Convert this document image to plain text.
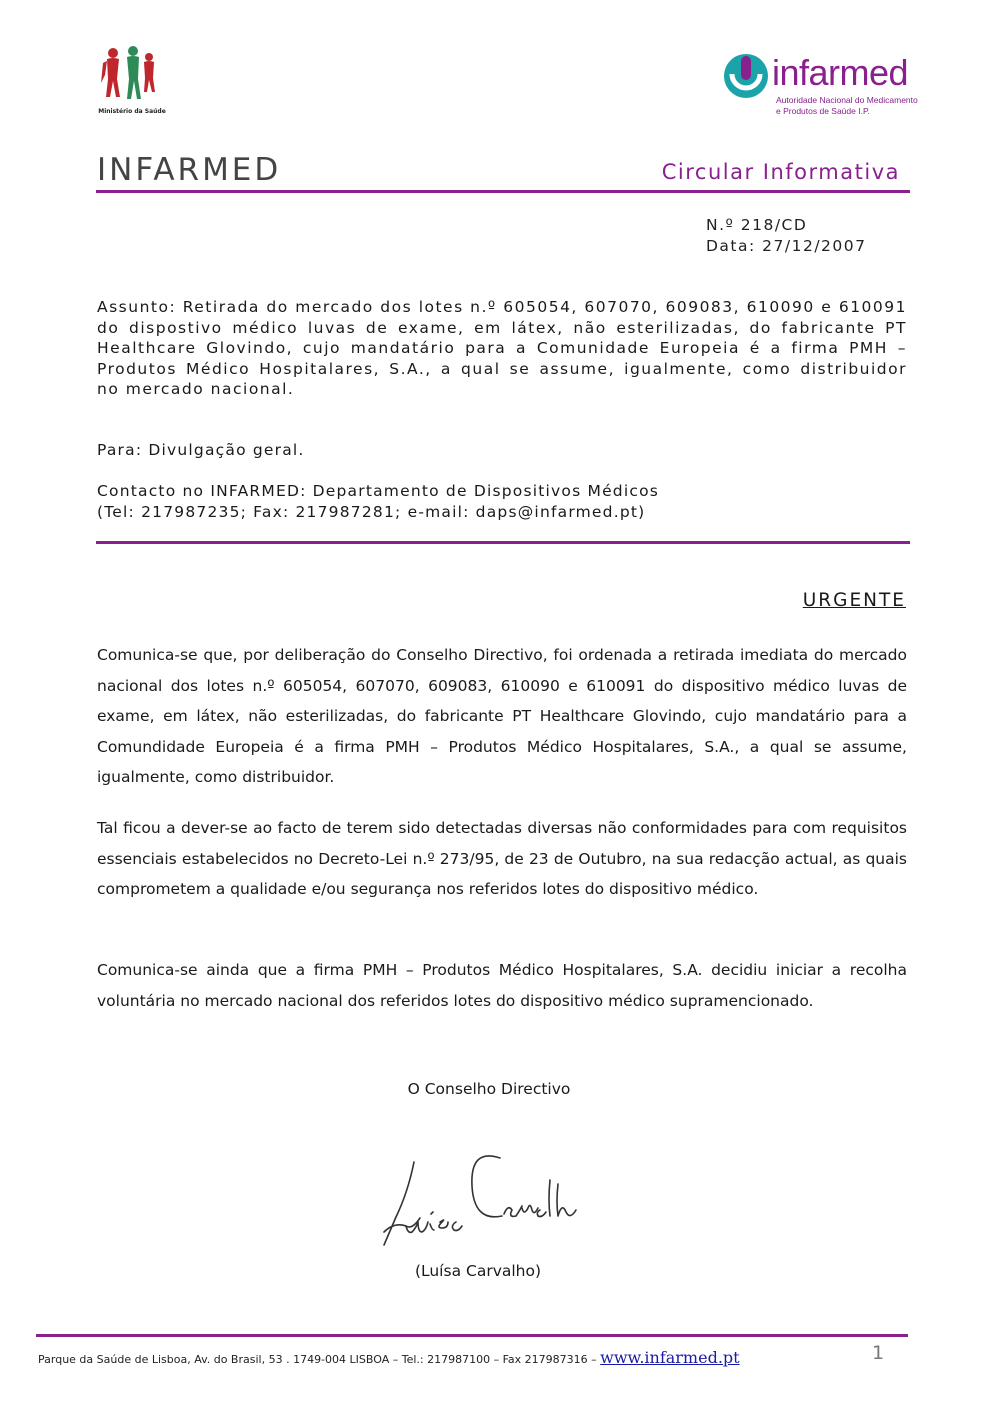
Ministério da Saúde
infarmed
Autoridade Nacional do Medicamento
e Produtos de Saúde I.P.
INFARMED	Circular Informativa
N.º 218/CD
Data: 27/12/2007
Assunto: Retirada do mercado dos lotes n.º 605054, 607070, 609083, 610090 e 610091 do dispostivo médico luvas de exame, em látex, não esterilizadas, do fabricante PT Healthcare Glovindo, cujo mandatário para a Comunidade Europeia é a firma PMH – Produtos Médico Hospitalares, S.A., a qual se assume, igualmente, como distribuidor no mercado nacional.
Para: Divulgação geral.
Contacto no INFARMED: Departamento de Dispositivos Médicos
(Tel: 217987235; Fax: 217987281; e-mail: daps@infarmed.pt)
URGENTE
Comunica-se que, por deliberação do Conselho Directivo, foi ordenada a retirada imediata do mercado nacional dos lotes n.º 605054, 607070, 609083, 610090 e 610091 do dispositivo médico luvas de exame, em látex, não esterilizadas, do fabricante PT Healthcare Glovindo, cujo mandatário para a Comundidade Europeia é a firma PMH – Produtos Médico Hospitalares, S.A., a qual se assume, igualmente, como distribuidor.
Tal ficou a dever-se ao facto de terem sido detectadas diversas não conformidades para com requisitos essenciais estabelecidos no Decreto-Lei n.º 273/95, de 23 de Outubro, na sua redacção actual, as quais comprometem a qualidade e/ou segurança nos referidos lotes do dispositivo médico.
Comunica-se ainda que a firma PMH – Produtos Médico Hospitalares, S.A. decidiu iniciar a recolha voluntária no mercado nacional dos referidos lotes do dispositivo médico supramencionado.
O Conselho Directivo
(Luísa Carvalho)
Parque da Saúde de Lisboa, Av. do Brasil, 53 . 1749-004 LISBOA – Tel.: 217987100 – Fax 217987316 – www.infarmed.pt	1
